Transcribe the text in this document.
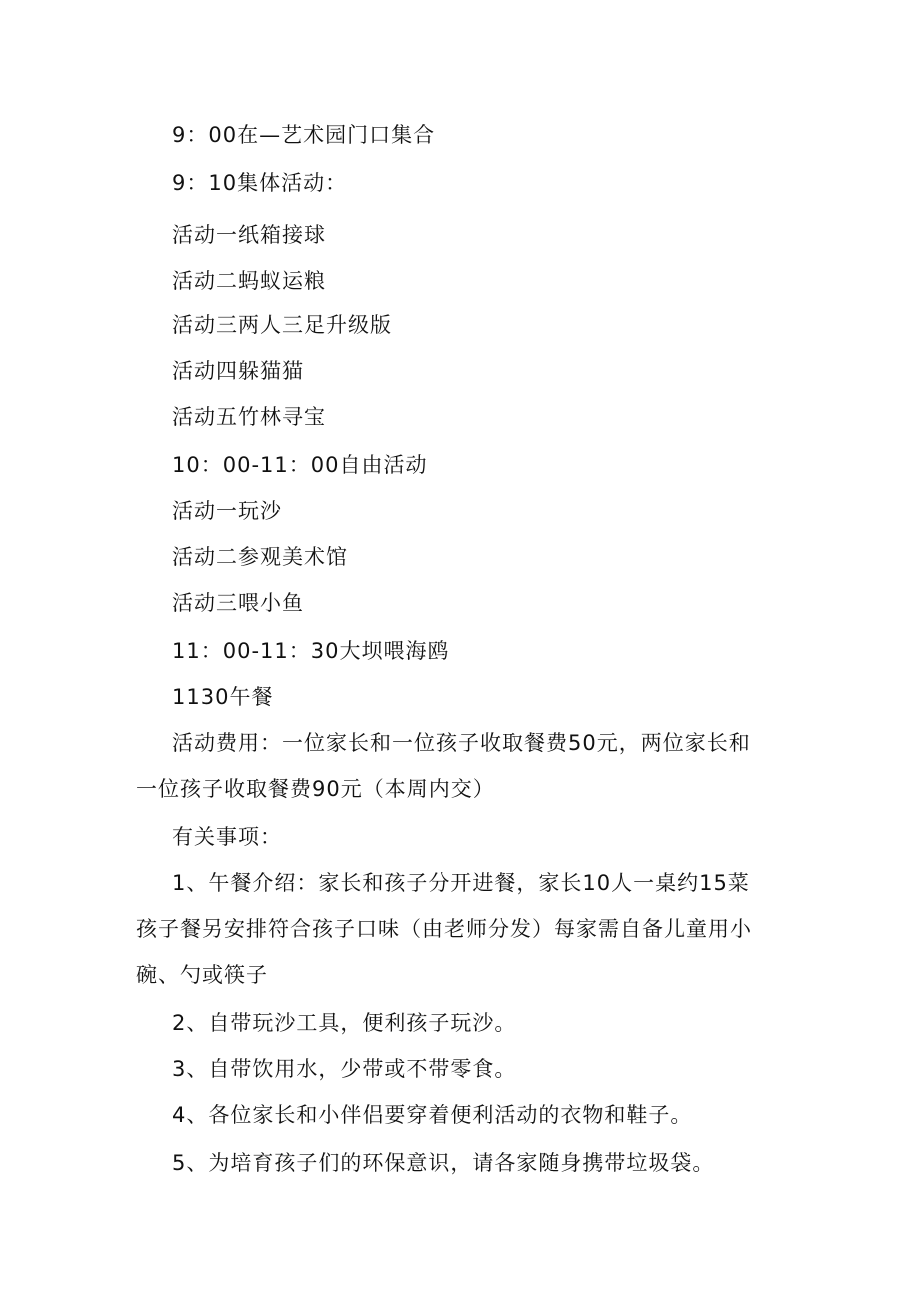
9：00在—艺术园门口集合
9：10集体活动：
活动一纸箱接球
活动二蚂蚁运粮
活动三两人三足升级版
活动四躲猫猫
活动五竹林寻宝
10：00-11：00自由活动
活动一玩沙
活动二参观美术馆
活动三喂小鱼
11：00-11：30大坝喂海鸥
1130午餐
活动费用：一位家长和一位孩子收取餐费50元，两位家长和
一位孩子收取餐费90元（本周内交）
有关事项：
1、午餐介绍：家长和孩子分开进餐，家长10人一桌约15菜
孩子餐另安排符合孩子口味（由老师分发）每家需自备儿童用小
碗、勺或筷子
2、自带玩沙工具，便利孩子玩沙。
3、自带饮用水，少带或不带零食。
4、各位家长和小伴侣要穿着便利活动的衣物和鞋子。
5、为培育孩子们的环保意识，请各家随身携带垃圾袋。
